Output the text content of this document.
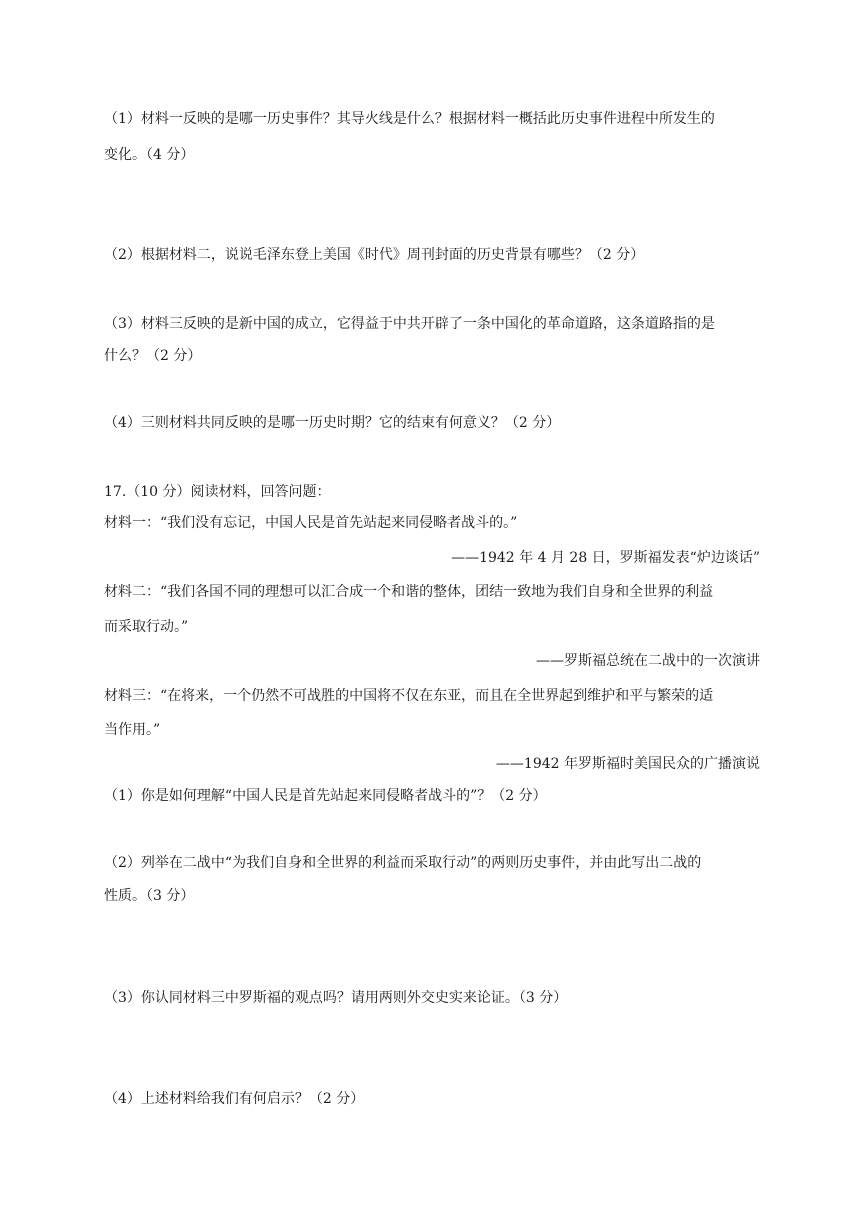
（1）材料一反映的是哪一历史事件？其导火线是什么？根据材料一概括此历史事件进程中所发生的
变化。（4 分）
（2）根据材料二，说说毛泽东登上美国《时代》周刊封面的历史背景有哪些？（2 分）
（3）材料三反映的是新中国的成立，它得益于中共开辟了一条中国化的革命道路，这条道路指的是
什么？（2 分）
（4）三则材料共同反映的是哪一历史时期？它的结束有何意义？（2 分）
17.（10 分）阅读材料，回答问题：
材料一：“我们没有忘记，中国人民是首先站起来同侵略者战斗的。”
——1942 年 4 月 28 日，罗斯福发表“炉边谈话”
材料二：“我们各国不同的理想可以汇合成一个和谐的整体，团结一致地为我们自身和全世界的利益
而采取行动。”
——罗斯福总统在二战中的一次演讲
材料三：“在将来，一个仍然不可战胜的中国将不仅在东亚，而且在全世界起到维护和平与繁荣的适
当作用。”
——1942 年罗斯福时美国民众的广播演说
（1）你是如何理解“中国人民是首先站起来同侵略者战斗的”？（2 分）
（2）列举在二战中“为我们自身和全世界的利益而采取行动”的两则历史事件，并由此写出二战的
性质。（3 分）
（3）你认同材料三中罗斯福的观点吗？请用两则外交史实来论证。（3 分）
（4）上述材料给我们有何启示？（2 分）
